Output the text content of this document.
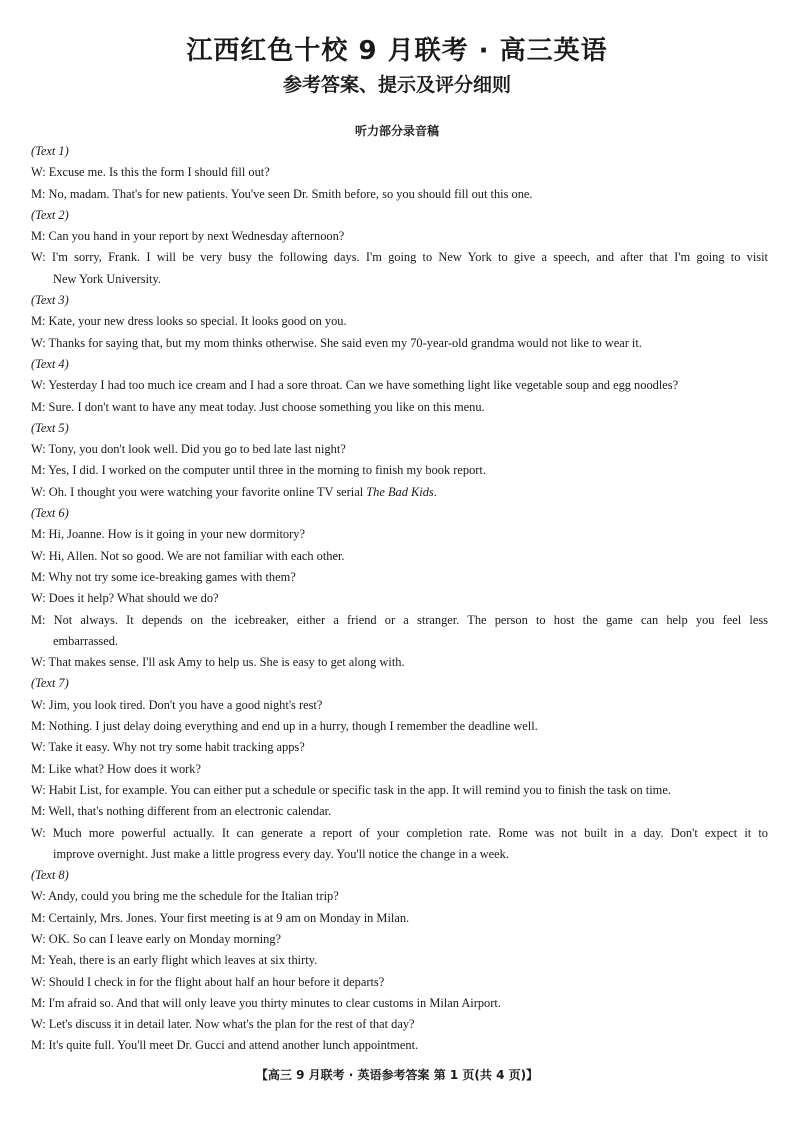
江西红色十校 9 月联考 · 高三英语
参考答案、提示及评分细则
听力部分录音稿
(Text 1)
W: Excuse me. Is this the form I should fill out?
M: No, madam. That's for new patients. You've seen Dr. Smith before, so you should fill out this one.
(Text 2)
M: Can you hand in your report by next Wednesday afternoon?
W: I'm sorry, Frank. I will be very busy the following days. I'm going to New York to give a speech, and after that I'm going to visit
New York University.
(Text 3)
M: Kate, your new dress looks so special. It looks good on you.
W: Thanks for saying that, but my mom thinks otherwise. She said even my 70-year-old grandma would not like to wear it.
(Text 4)
W: Yesterday I had too much ice cream and I had a sore throat. Can we have something light like vegetable soup and egg noodles?
M: Sure. I don't want to have any meat today. Just choose something you like on this menu.
(Text 5)
W: Tony, you don't look well. Did you go to bed late last night?
M: Yes, I did. I worked on the computer until three in the morning to finish my book report.
W: Oh. I thought you were watching your favorite online TV serial The Bad Kids.
(Text 6)
M: Hi, Joanne. How is it going in your new dormitory?
W: Hi, Allen. Not so good. We are not familiar with each other.
M: Why not try some ice-breaking games with them?
W: Does it help? What should we do?
M: Not always. It depends on the icebreaker, either a friend or a stranger. The person to host the game can help you feel less
embarrassed.
W: That makes sense. I'll ask Amy to help us. She is easy to get along with.
(Text 7)
W: Jim, you look tired. Don't you have a good night's rest?
M: Nothing. I just delay doing everything and end up in a hurry, though I remember the deadline well.
W: Take it easy. Why not try some habit tracking apps?
M: Like what? How does it work?
W: Habit List, for example. You can either put a schedule or specific task in the app. It will remind you to finish the task on time.
M: Well, that's nothing different from an electronic calendar.
W: Much more powerful actually. It can generate a report of your completion rate. Rome was not built in a day. Don't expect it to
improve overnight. Just make a little progress every day. You'll notice the change in a week.
(Text 8)
W: Andy, could you bring me the schedule for the Italian trip?
M: Certainly, Mrs. Jones. Your first meeting is at 9 am on Monday in Milan.
W: OK. So can I leave early on Monday morning?
M: Yeah, there is an early flight which leaves at six thirty.
W: Should I check in for the flight about half an hour before it departs?
M: I'm afraid so. And that will only leave you thirty minutes to clear customs in Milan Airport.
W: Let's discuss it in detail later. Now what's the plan for the rest of that day?
M: It's quite full. You'll meet Dr. Gucci and attend another lunch appointment.
【高三 9 月联考 · 英语参考答案 第 1 页(共 4 页)】
